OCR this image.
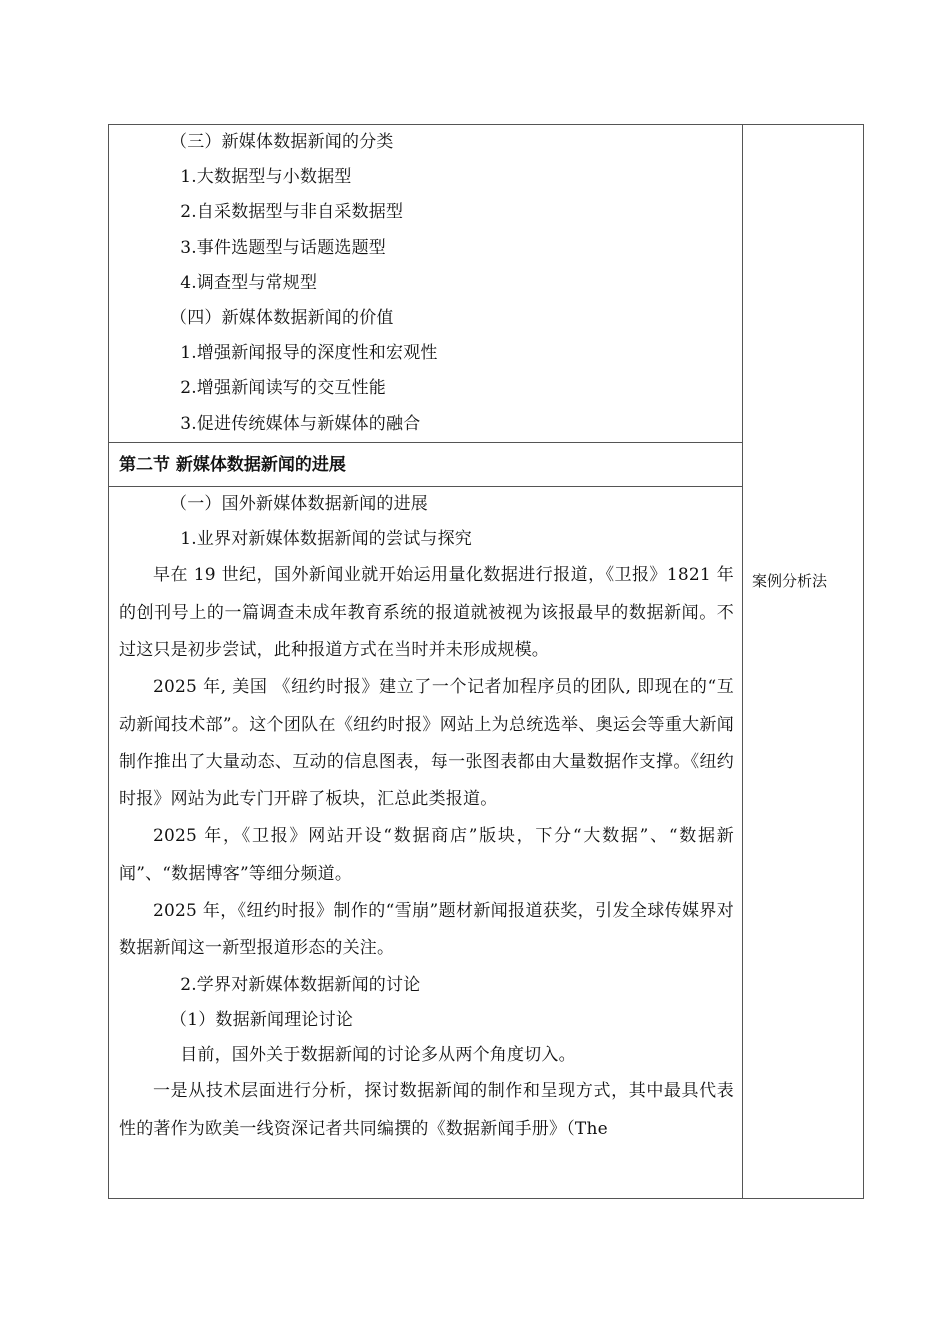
（三）新媒体数据新闻的分类

1.大数据型与小数据型

2.自采数据型与非自采数据型

3.事件选题型与话题选题型

4.调查型与常规型

（四）新媒体数据新闻的价值

1.增强新闻报导的深度性和宏观性

2.增强新闻读写的交互性能

3.促进传统媒体与新媒体的融合

第二节 新媒体数据新闻的进展

（一）国外新媒体数据新闻的进展

1.业界对新媒体数据新闻的尝试与探究

早在 19 世纪，国外新闻业就开始运用量化数据进行报道，《卫报》1821 年的创刊号上的一篇调查未成年教育系统的报道就被视为该报最早的数据新闻。不过这只是初步尝试，此种报道方式在当时并未形成规模。

2025 年, 美国 《纽约时报》建立了一个记者加程序员的团队, 即现在的“互动新闻技术部”。这个团队在《纽约时报》网站上为总统选举、奥运会等重大新闻制作推出了大量动态、互动的信息图表，每一张图表都由大量数据作支撑。《纽约时报》网站为此专门开辟了板块，汇总此类报道。

2025 年，《卫报》网站开设“数据商店”版块，下分“大数据”、“数据新闻”、“数据博客”等细分频道。

2025 年，《纽约时报》制作的“雪崩”题材新闻报道获奖，引发全球传媒界对数据新闻这一新型报道形态的关注。

2.学界对新媒体数据新闻的讨论

（1）数据新闻理论讨论

目前，国外关于数据新闻的讨论多从两个角度切入。

一是从技术层面进行分析，探讨数据新闻的制作和呈现方式，其中最具代表性的著作为欧美一线资深记者共同编撰的《数据新闻手册》（The

案例分析法
